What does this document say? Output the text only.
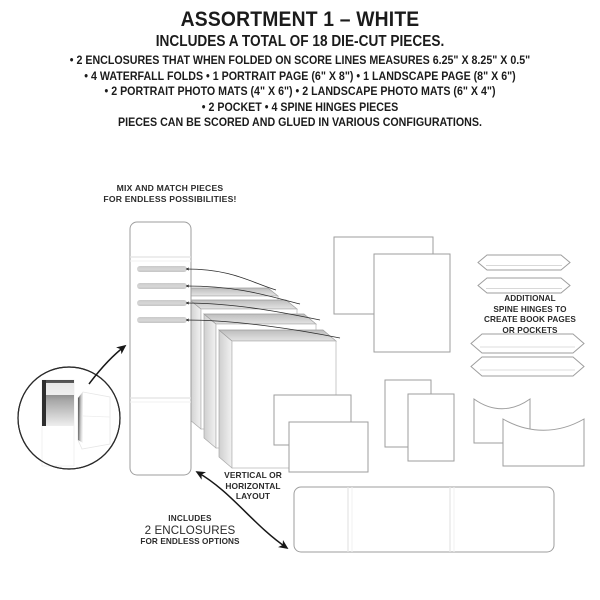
ASSORTMENT 1 – WHITE
INCLUDES A TOTAL OF 18 DIE-CUT PIECES.
• 2 ENCLOSURES THAT WHEN FOLDED ON SCORE LINES MEASURES 6.25" X 8.25" X 0.5"
• 4 WATERFALL FOLDS • 1 PORTRAIT PAGE (6" X 8") • 1 LANDSCAPE PAGE (8" X 6")
• 2 PORTRAIT PHOTO MATS (4" X 6") • 2 LANDSCAPE PHOTO MATS (6" X 4")
• 2 POCKET • 4 SPINE HINGES PIECES
PIECES CAN BE SCORED AND GLUED IN VARIOUS CONFIGURATIONS.
MIX AND MATCH PIECES
FOR ENDLESS POSSIBILITIES!
ADDITIONAL
SPINE HINGES TO
CREATE BOOK PAGES
OR POCKETS
VERTICAL OR
HORIZONTAL
LAYOUT
INCLUDES
2 ENCLOSURES
FOR ENDLESS OPTIONS
